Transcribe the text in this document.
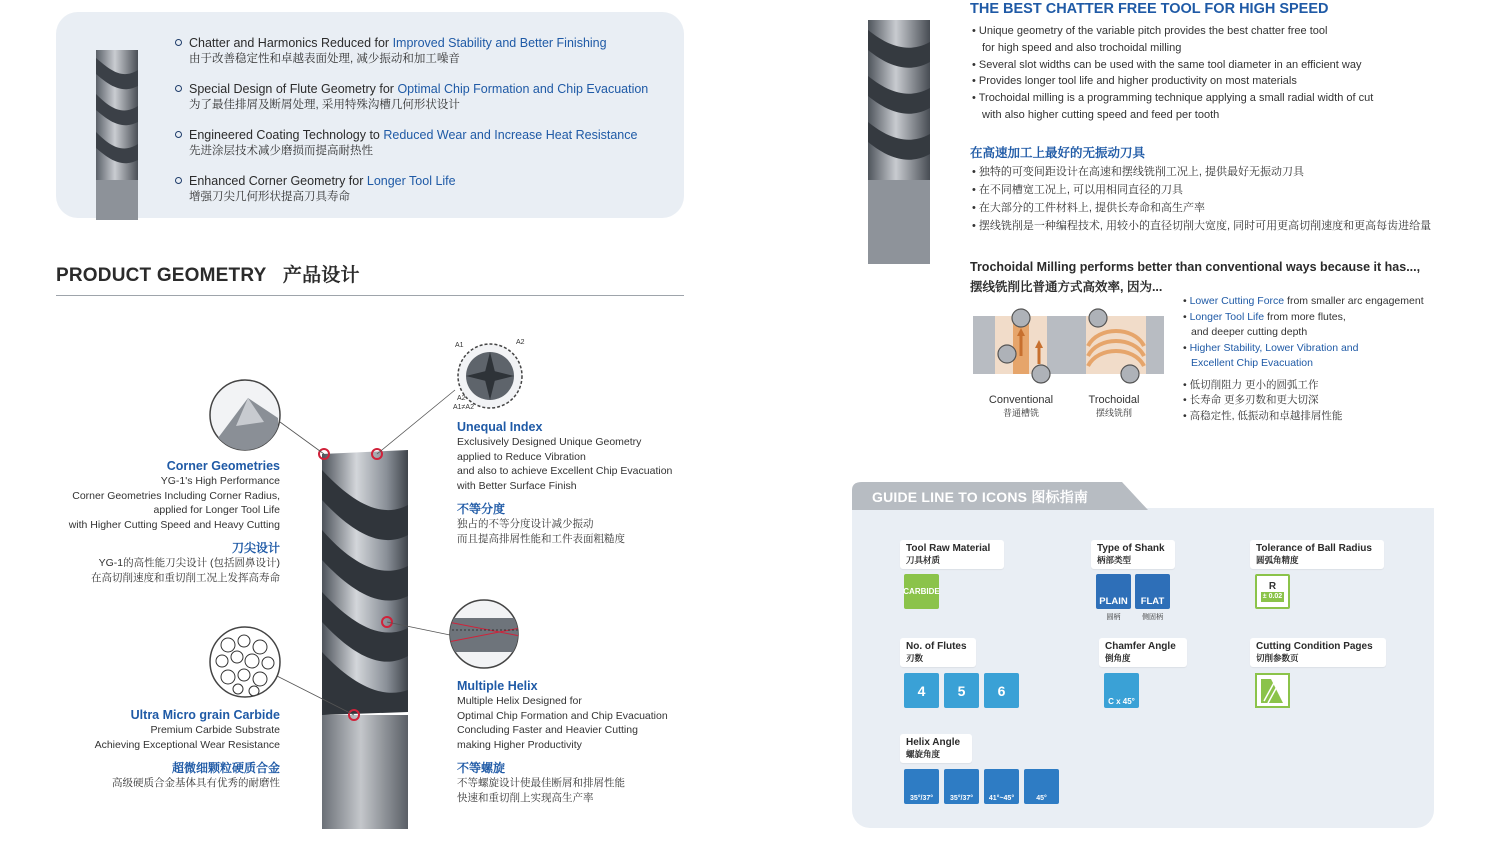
Chatter and Harmonics Reduced for Improved Stability and Better Finishing
由于改善稳定性和卓越表面处理, 减少振动和加工噪音
Special Design of Flute Geometry for Optimal Chip Formation and Chip Evacuation
为了最佳排屑及断屑处理, 采用特殊沟槽几何形状设计
Engineered Coating Technology to Reduced Wear and Increase Heat Resistance
先进涂层技术减少磨损而提高耐热性
Enhanced Corner Geometry for Longer Tool Life
增强刀尖几何形状提高刀具寿命
PRODUCT GEOMETRY 产品设计
A1	A2
A2
A1≠A2
Corner Geometries
YG-1's High Performance
Corner Geometries Including Corner Radius,
applied for Longer Tool Life
with Higher Cutting Speed and Heavy Cutting
刀尖设计
YG-1的高性能刀尖设计 (包括圆鼻设计)
在高切削速度和重切削工况上发挥高寿命
Ultra Micro grain Carbide
Premium Carbide Substrate
Achieving Exceptional Wear Resistance
超微细颗粒硬质合金
高级硬质合金基体具有优秀的耐磨性
Unequal Index
Exclusively Designed Unique Geometry
applied to Reduce Vibration
and also to achieve Excellent Chip Evacuation
with Better Surface Finish
不等分度
独占的不等分度设计减少振动
而且提高排屑性能和工件表面粗糙度
Multiple Helix
Multiple Helix Designed for
Optimal Chip Formation and Chip Evacuation
Concluding Faster and Heavier Cutting
making Higher Productivity
不等螺旋
不等螺旋设计使最佳断屑和排屑性能
快速和重切削上实现高生产率
THE BEST CHATTER FREE TOOL FOR HIGH SPEED
• Unique geometry of the variable pitch provides the best chatter free tool
for high speed and also trochoidal milling
• Several slot widths can be used with the same tool diameter in an efficient way
• Provides longer tool life and higher productivity on most materials
• Trochoidal milling is a programming technique applying a small radial width of cut
with also higher cutting speed and feed per tooth
在高速加工上最好的无振动刀具
• 独特的可变间距设计在高速和摆线铣削工况上, 提供最好无振动刀具
• 在不同槽宽工况上, 可以用相同直径的刀具
• 在大部分的工件材料上, 提供长寿命和高生产率
• 摆线铣削是一种编程技术, 用较小的直径切削大宽度, 同时可用更高切削速度和更高每齿进给量
Trochoidal Milling performs better than conventional ways because it has...,
摆线铣削比普通方式高效率, 因为...
Conventional
普通槽铣
Trochoidal
摆线铣削
• Lower Cutting Force from smaller arc engagement
• Longer Tool Life from more flutes,
and deeper cutting depth
• Higher Stability, Lower Vibration and
Excellent Chip Evacuation
• 低切削阻力 更小的圆弧工作
• 长寿命 更多刃数和更大切深
• 高稳定性, 低振动和卓越排屑性能
GUIDE LINE TO ICONS 图标指南
Tool Raw Material
刀具材质
CARBIDE
Type of Shank
柄部类型
PLAIN FLAT
圆柄	侧固柄
Tolerance of Ball Radius
圆弧角精度
R
± 0.02
No. of Flutes
刃数
4 5 6
Chamfer Angle
倒角度
C x 45°
Cutting Condition Pages
切削参数页
Helix Angle
螺旋角度
35°/37° 35°/37° 41°~45°	45°
